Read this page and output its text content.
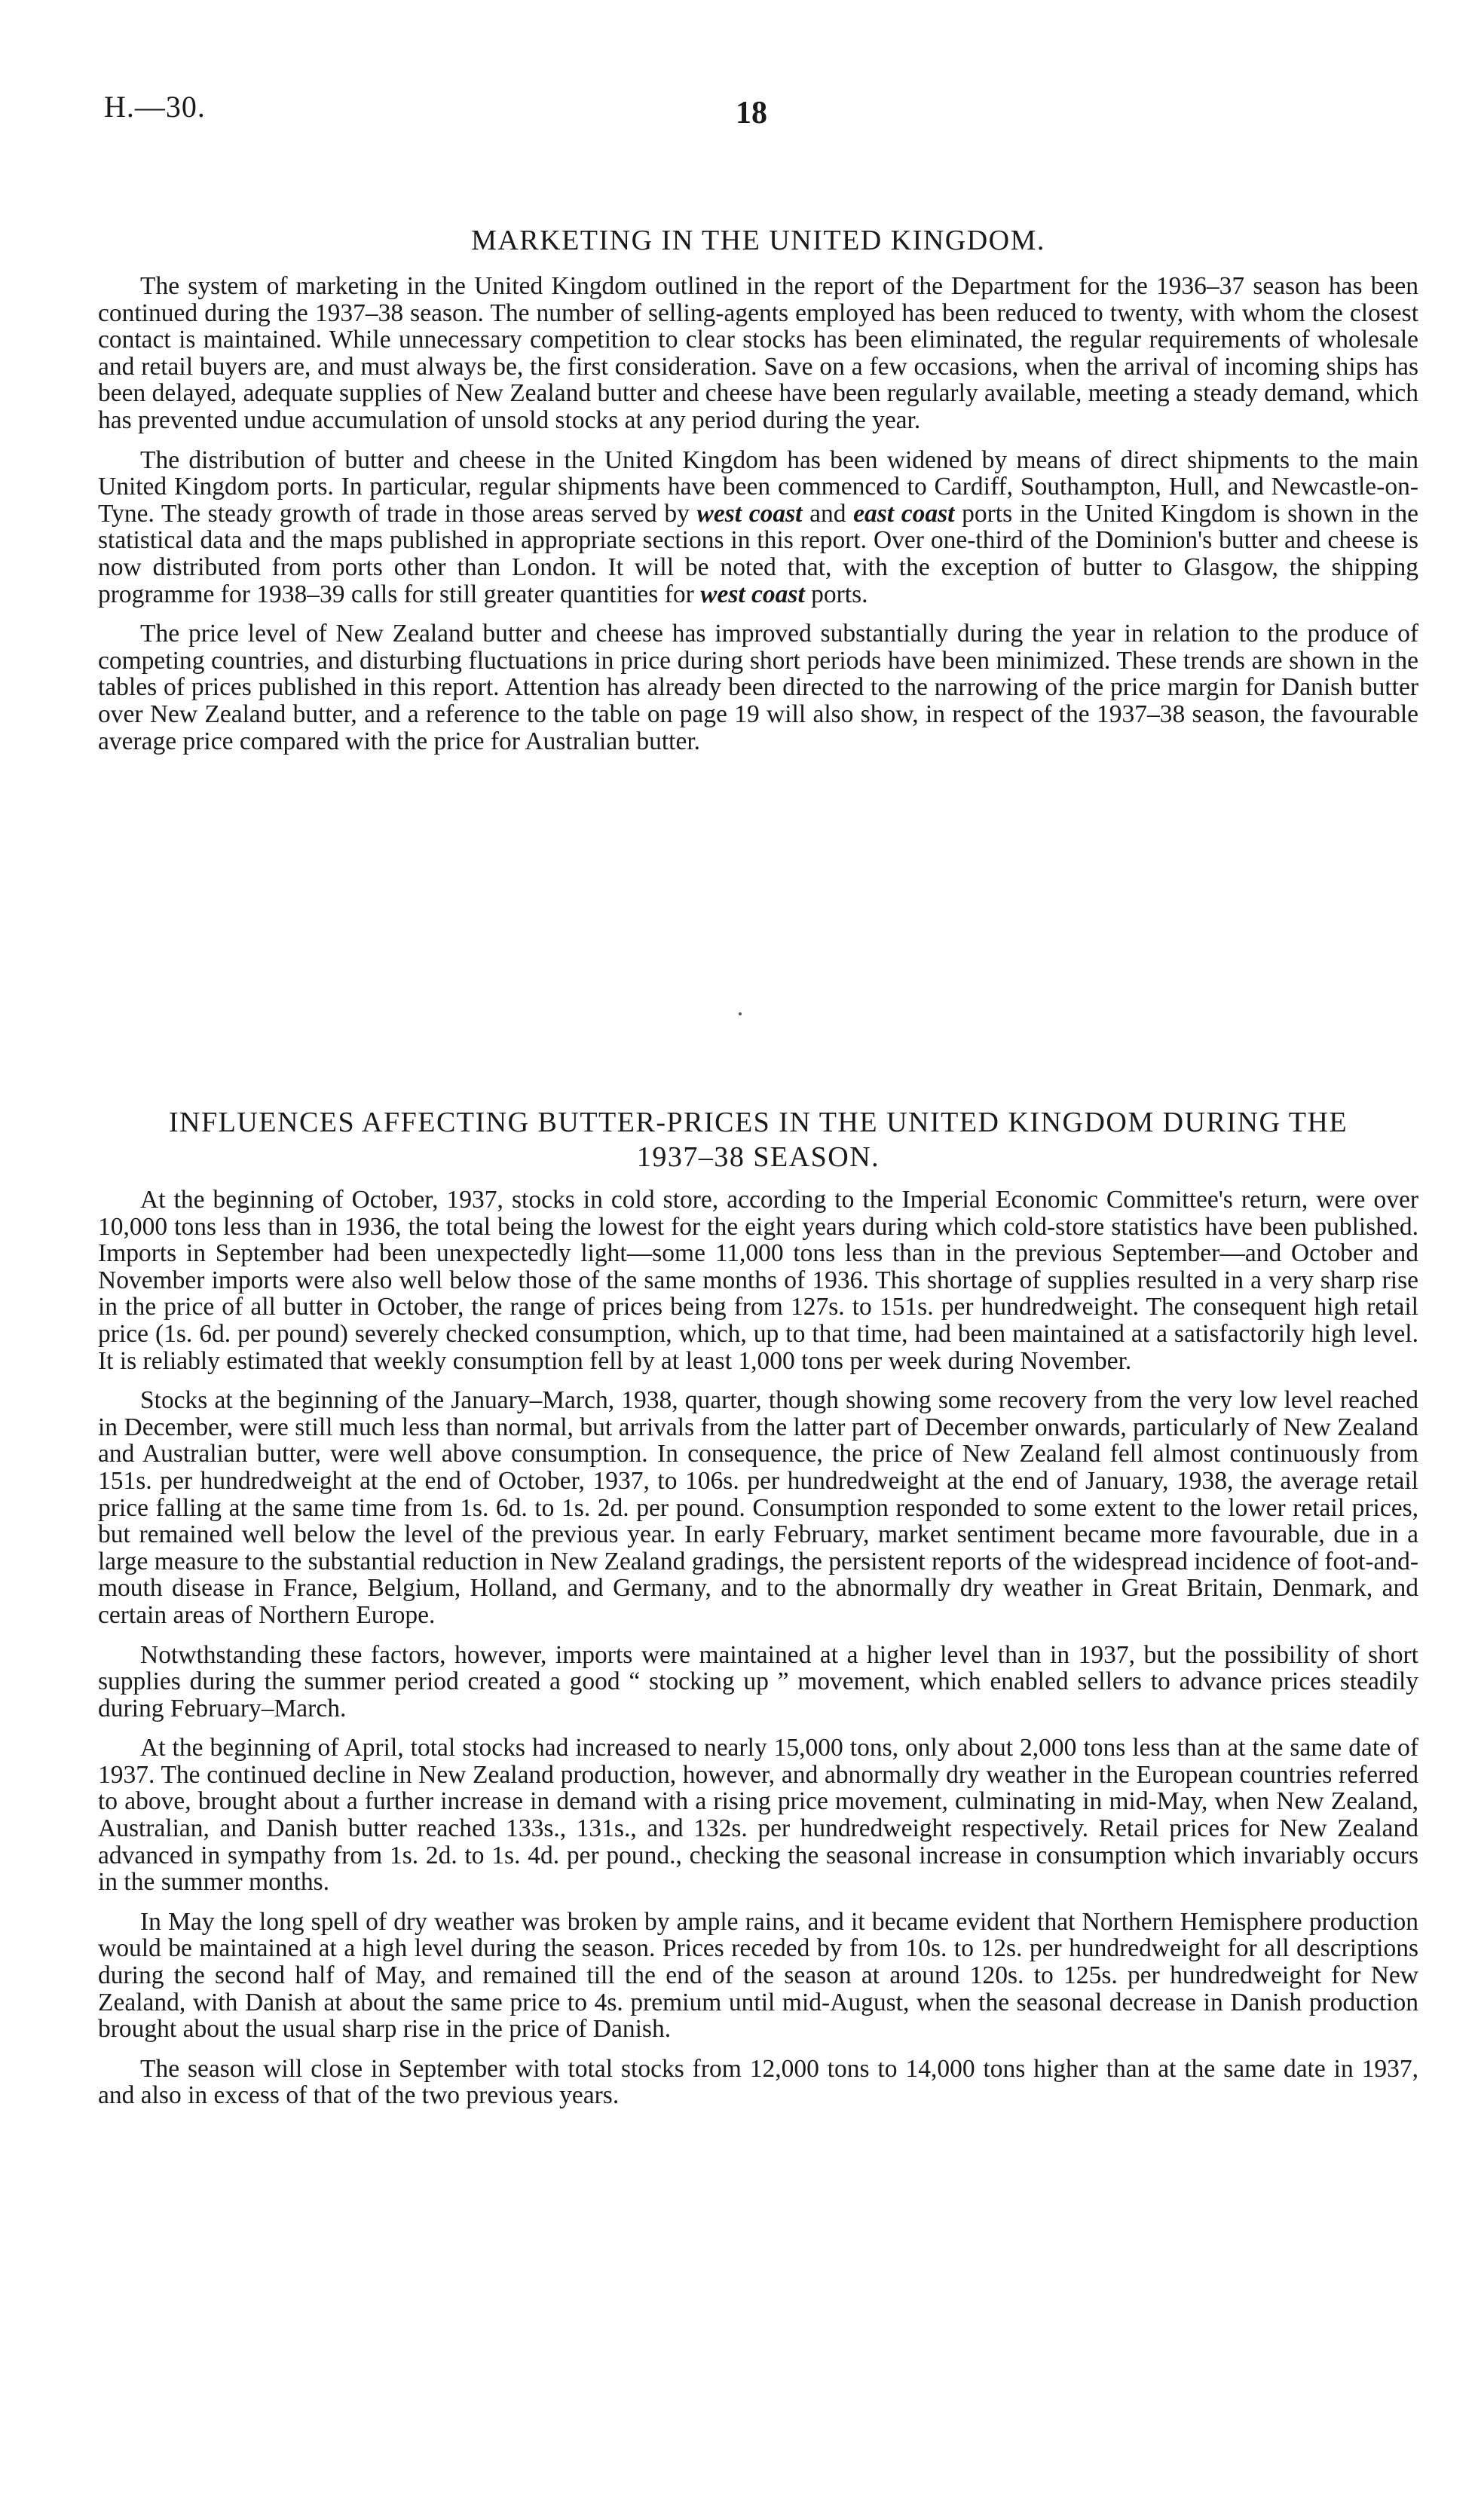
H.—30.	18
MARKETING IN THE UNITED KINGDOM.

The system of marketing in the United Kingdom outlined in the report of the Department for the 1936–37 season has been continued during the 1937–38 season. The number of selling-agents employed has been reduced to twenty, with whom the closest contact is maintained. While unnecessary competition to clear stocks has been eliminated, the regular requirements of wholesale and retail buyers are, and must always be, the first consideration. Save on a few occasions, when the arrival of incoming ships has been delayed, adequate supplies of New Zealand butter and cheese have been regularly available, meeting a steady demand, which has prevented undue accumulation of unsold stocks at any period during the year.

The distribution of butter and cheese in the United Kingdom has been widened by means of direct shipments to the main United Kingdom ports. In particular, regular shipments have been commenced to Cardiff, Southampton, Hull, and Newcastle-on-Tyne. The steady growth of trade in those areas served by west coast and east coast ports in the United Kingdom is shown in the statistical data and the maps published in appropriate sections in this report. Over one-third of the Dominion's butter and cheese is now distributed from ports other than London. It will be noted that, with the exception of butter to Glasgow, the shipping programme for 1938–39 calls for still greater quantities for west coast ports.

The price level of New Zealand butter and cheese has improved substantially during the year in relation to the produce of competing countries, and disturbing fluctuations in price during short periods have been minimized. These trends are shown in the tables of prices published in this report. Attention has already been directed to the narrowing of the price margin for Danish butter over New Zealand butter, and a reference to the table on page 19 will also show, in respect of the 1937–38 season, the favourable average price compared with the price for Australian butter.

INFLUENCES AFFECTING BUTTER-PRICES IN THE UNITED KINGDOM DURING THE
1937–38 SEASON.

At the beginning of October, 1937, stocks in cold store, according to the Imperial Economic Committee's return, were over 10,000 tons less than in 1936, the total being the lowest for the eight years during which cold-store statistics have been published. Imports in September had been unexpectedly light—some 11,000 tons less than in the previous September—and October and November imports were also well below those of the same months of 1936. This shortage of supplies resulted in a very sharp rise in the price of all butter in October, the range of prices being from 127s. to 151s. per hundredweight. The consequent high retail price (1s. 6d. per pound) severely checked consumption, which, up to that time, had been maintained at a satisfactorily high level. It is reliably estimated that weekly consumption fell by at least 1,000 tons per week during November.

Stocks at the beginning of the January–March, 1938, quarter, though showing some recovery from the very low level reached in December, were still much less than normal, but arrivals from the latter part of December onwards, particularly of New Zealand and Australian butter, were well above consumption. In consequence, the price of New Zealand fell almost continuously from 151s. per hundredweight at the end of October, 1937, to 106s. per hundredweight at the end of January, 1938, the average retail price falling at the same time from 1s. 6d. to 1s. 2d. per pound. Consumption responded to some extent to the lower retail prices, but remained well below the level of the previous year. In early February, market sentiment became more favourable, due in a large measure to the substantial reduction in New Zealand gradings, the persistent reports of the widespread incidence of foot-and-mouth disease in France, Belgium, Holland, and Germany, and to the abnormally dry weather in Great Britain, Denmark, and certain areas of Northern Europe.

Notwthstanding these factors, however, imports were maintained at a higher level than in 1937, but the possibility of short supplies during the summer period created a good “ stocking up ” movement, which enabled sellers to advance prices steadily during February–March.

At the beginning of April, total stocks had increased to nearly 15,000 tons, only about 2,000 tons less than at the same date of 1937. The continued decline in New Zealand production, however, and abnormally dry weather in the European countries referred to above, brought about a further increase in demand with a rising price movement, culminating in mid-May, when New Zealand, Australian, and Danish butter reached 133s., 131s., and 132s. per hundredweight respectively. Retail prices for New Zealand advanced in sympathy from 1s. 2d. to 1s. 4d. per pound., checking the seasonal increase in consumption which invariably occurs in the summer months.

In May the long spell of dry weather was broken by ample rains, and it became evident that Northern Hemisphere production would be maintained at a high level during the season. Prices receded by from 10s. to 12s. per hundredweight for all descriptions during the second half of May, and remained till the end of the season at around 120s. to 125s. per hundredweight for New Zealand, with Danish at about the same price to 4s. premium until mid-August, when the seasonal decrease in Danish production brought about the usual sharp rise in the price of Danish.

The season will close in September with total stocks from 12,000 tons to 14,000 tons higher than at the same date in 1937, and also in excess of that of the two previous years.
